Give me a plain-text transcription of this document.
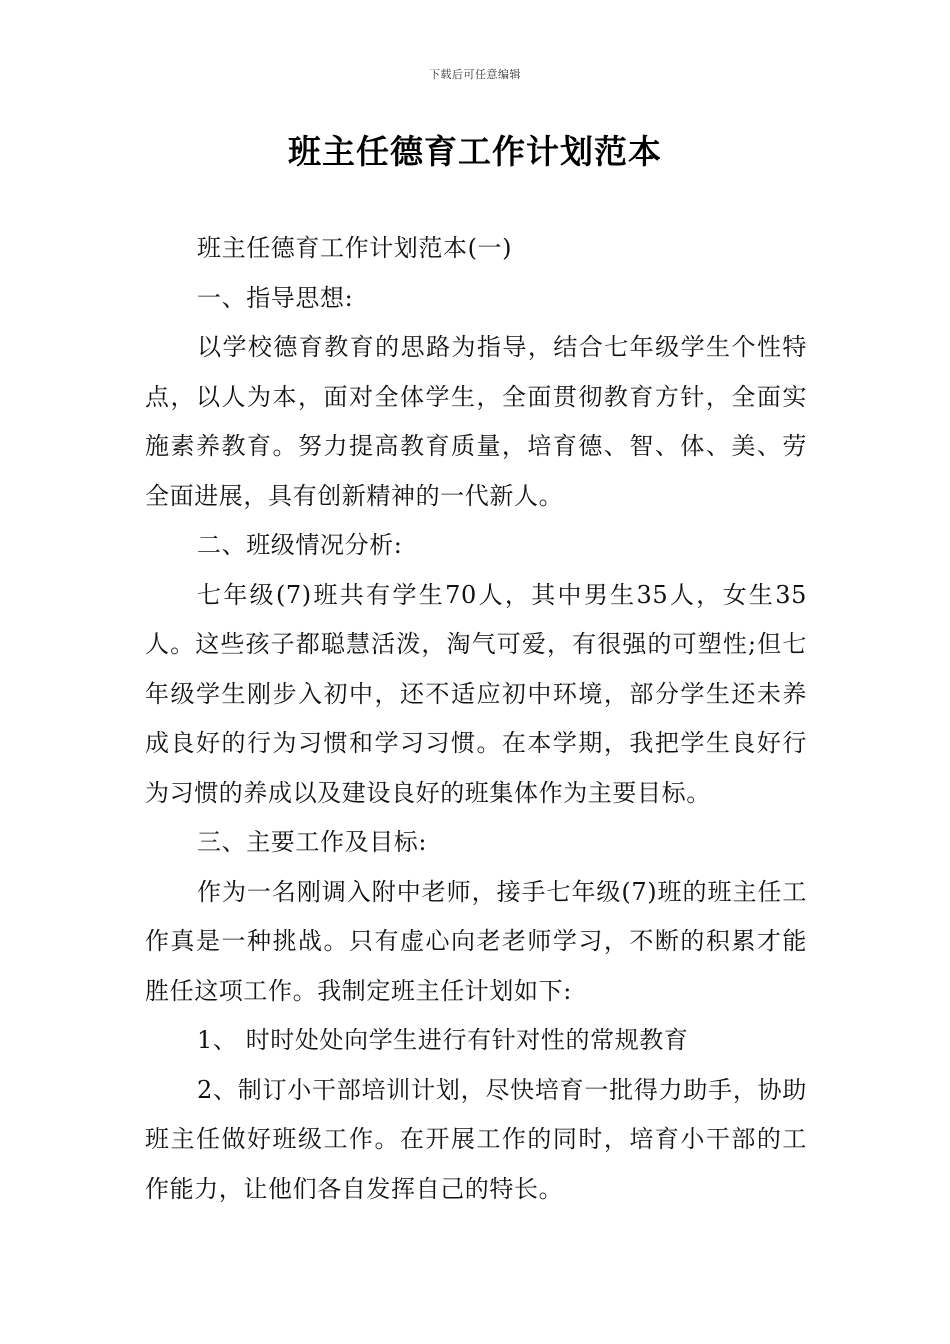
下载后可任意编辑
班主任德育工作计划范本

班主任德育工作计划范本(一)

一、指导思想:

以学校德育教育的思路为指导，结合七年级学生个性特点，以人为本，面对全体学生，全面贯彻教育方针，全面实施素养教育。努力提高教育质量，培育德、智、体、美、劳全面进展，具有创新精神的一代新人。

二、班级情况分析:

七年级(7)班共有学生70人，其中男生35人，女生35人。这些孩子都聪慧活泼，淘气可爱，有很强的可塑性;但七年级学生刚步入初中，还不适应初中环境，部分学生还未养成良好的行为习惯和学习习惯。在本学期，我把学生良好行为习惯的养成以及建设良好的班集体作为主要目标。

三、主要工作及目标:

作为一名刚调入附中老师，接手七年级(7)班的班主任工作真是一种挑战。只有虚心向老老师学习，不断的积累才能胜任这项工作。我制定班主任计划如下:

1、 时时处处向学生进行有针对性的常规教育

2、制订小干部培训计划，尽快培育一批得力助手，协助班主任做好班级工作。在开展工作的同时，培育小干部的工作能力，让他们各自发挥自己的特长。
